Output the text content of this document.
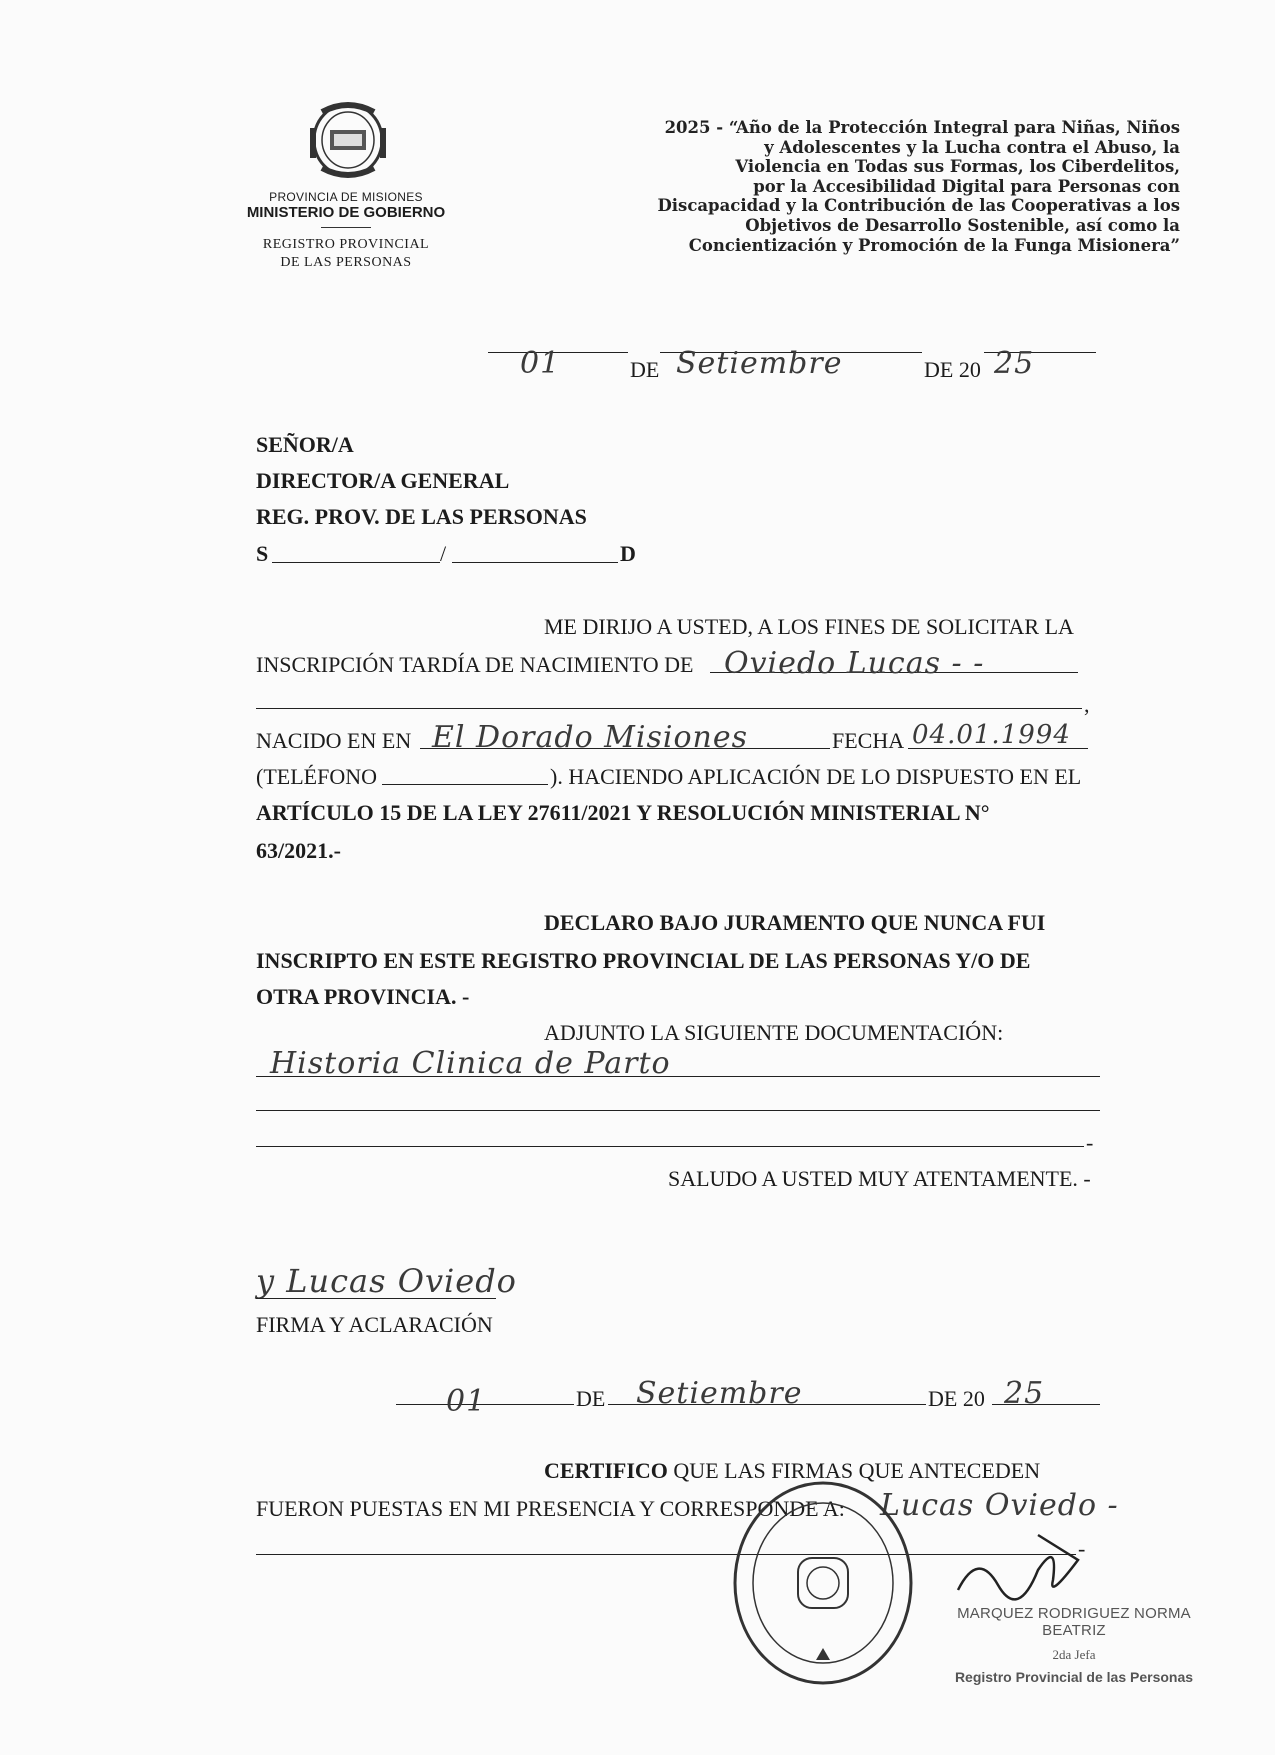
PROVINCIA DE MISIONES
MINISTERIO DE GOBIERNO
REGISTRO PROVINCIAL
DE LAS PERSONAS
2025 - “Año de la Protección Integral para Niñas, Niños
y Adolescentes y la Lucha contra el Abuso, la
Violencia en Todas sus Formas, los Ciberdelitos,
por la Accesibilidad Digital para Personas con
Discapacidad y la Contribución de las Cooperativas a los
Objetivos de Desarrollo Sostenible, así como la
Concientización y Promoción de la Funga Misionera”
01	DE Setiembre	DE 20 25
SEÑOR/A
DIRECTOR/A GENERAL
REG. PROV. DE LAS PERSONAS
S	/	D
ME DIRIJO A USTED, A LOS FINES DE SOLICITAR LA
INSCRIPCIÓN TARDÍA DE NACIMIENTO DE Oviedo Lucas - -
,
NACIDO EN EN El Dorado Misiones	FECHA 04.01.1994
(TELÉFONO	). HACIENDO APLICACIÓN DE LO DISPUESTO EN EL
ARTÍCULO 15 DE LA LEY 27611/2021 Y RESOLUCIÓN MINISTERIAL N°
63/2021.-
DECLARO BAJO JURAMENTO QUE NUNCA FUI
INSCRIPTO EN ESTE REGISTRO PROVINCIAL DE LAS PERSONAS Y/O DE
OTRA PROVINCIA. -
ADJUNTO LA SIGUIENTE DOCUMENTACIÓN:
Historia Clinica de Parto
-
SALUDO A USTED MUY ATENTAMENTE. -
y Lucas Oviedo
FIRMA Y ACLARACIÓN
01	DE Setiembre	DE 20 25
CERTIFICO QUE LAS FIRMAS QUE ANTECEDEN
FUERON PUESTAS EN MI PRESENCIA Y CORRESPONDE A: Lucas Oviedo -
-
MARQUEZ RODRIGUEZ NORMA BEATRIZ
2da Jefa
Registro Provincial de las Personas
